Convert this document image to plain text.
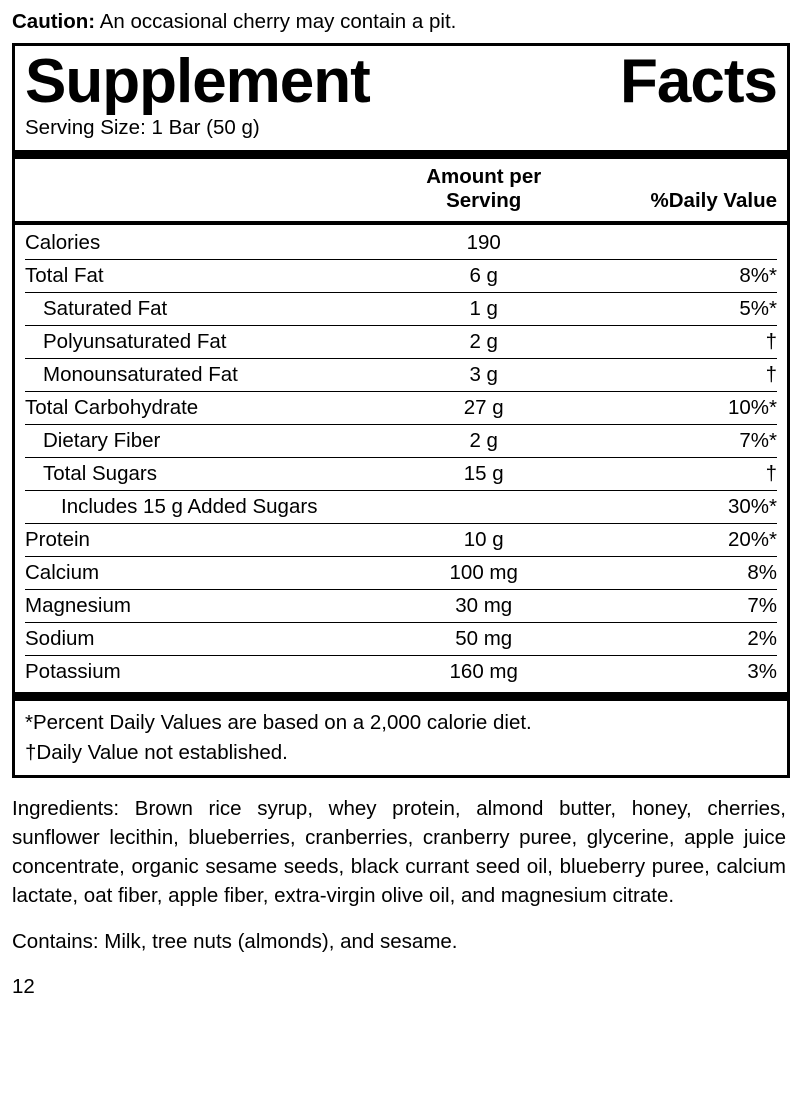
Caution: An occasional cherry may contain a pit.
Supplement	Facts
Serving Size: 1 Bar (50 g)
	Amount per Serving	%Daily Value
Calories	190	
Total Fat	6 g	8%*
Saturated Fat	1 g	5%*
Polyunsaturated Fat	2 g	†
Monounsaturated Fat	3 g	†
Total Carbohydrate	27 g	10%*
Dietary Fiber	2 g	7%*
Total Sugars	15 g	†
Includes 15 g Added Sugars		30%*
Protein	10 g	20%*
Calcium	100 mg	8%
Magnesium	30 mg	7%
Sodium	50 mg	2%
Potassium	160 mg	3%
*Percent Daily Values are based on a 2,000 calorie diet.
†Daily Value not established.
Ingredients: Brown rice syrup, whey protein, almond butter, honey, cherries, sunflower lecithin, blueberries, cranberries, cranberry puree, glycerine, apple juice concentrate, organic sesame seeds, black currant seed oil, blueberry puree, calcium lactate, oat fiber, apple fiber, extra-virgin olive oil, and magnesium citrate.
Contains: Milk, tree nuts (almonds), and sesame.
12
